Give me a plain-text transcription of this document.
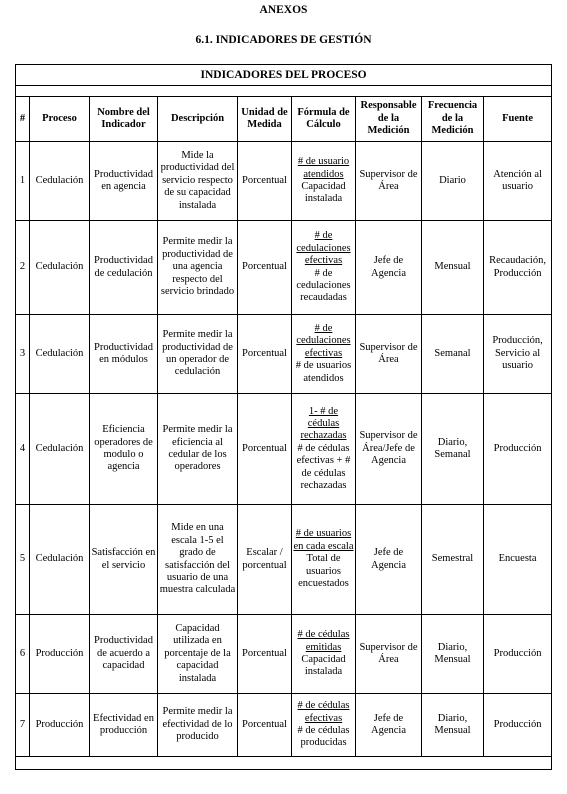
ANEXOS
6.1. INDICADORES DE GESTIÓN
INDICADORES DEL PROCESO								

#	Proceso	Nombre del Indicador	Descripción	Unidad de Medida	Fórmula de Cálculo	Responsable de la Medición	Frecuencia de la Medición	Fuente
1	Cedulación	Productividad en agencia	Mide la productividad del servicio respecto de su capacidad instalada	Porcentual	# de usuario atendidos
Capacidad instalada	Supervisor de Área	Diario	Atención al usuario
2	Cedulación	Productividad de cedulación	Permite medir la productividad de una agencia respecto del servicio brindado	Porcentual	# de cedulaciones efectivas
# de cedulaciones recaudadas	Jefe de Agencia	Mensual	Recaudación, Producción
3	Cedulación	Productividad en módulos	Permite medir la productividad de un operador de cedulación	Porcentual	# de cedulaciones efectivas
# de usuarios atendidos	Supervisor de Área	Semanal	Producción, Servicio al usuario
4	Cedulación	Eficiencia operadores de modulo o agencia	Permite medir la eficiencia al cedular de los operadores	Porcentual	1- # de cédulas rechazadas
# de cédulas efectivas + # de cédulas rechazadas	Supervisor de Área/Jefe de Agencia	Diario, Semanal	Producción
5	Cedulación	Satisfacción en el servicio	Mide en una escala 1-5 el grado de satisfacción del usuario de una muestra calculada	Escalar / porcentual	# de usuarios en cada escala
Total de usuarios encuestados	Jefe de Agencia	Semestral	Encuesta
6	Producción	Productividad de acuerdo a capacidad	Capacidad utilizada en porcentaje de la capacidad instalada	Porcentual	# de cédulas emitidas
Capacidad instalada	Supervisor de Área	Diario, Mensual	Producción
7	Producción	Efectividad en producción	Permite medir la efectividad de lo producido	Porcentual	# de cédulas efectivas
# de cédulas producidas	Jefe de Agencia	Diario, Mensual	Producción
